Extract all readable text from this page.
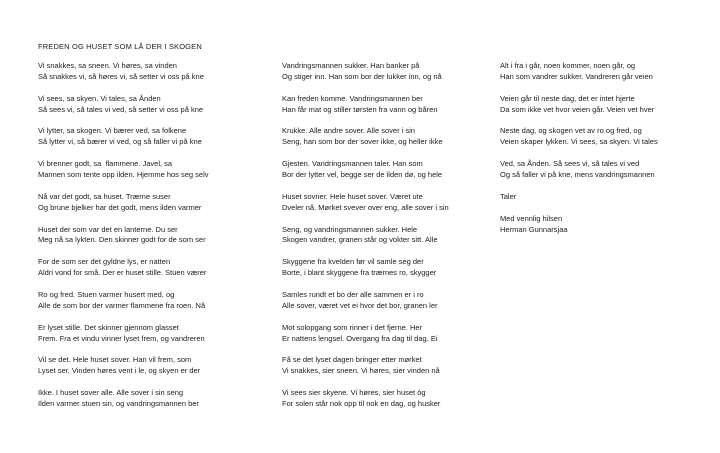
FREDEN OG HUSET SOM LÅ DER I SKOGEN
Vi snakkes, sa sneen. Vi høres, sa vinden
Så snakkes vi, så høres vi, så setter vi oss på kne
Vi sees, sa skyen. Vi tales, sa Ånden
Så sees vi, så tales vi ved, så setter vi oss på kne
Vi lytter, sa skogen. Vi bærer ved, sa folkene
Så lytter vi, så bærer vi ved, og så faller vi på kne
Vi brenner godt, sa  flammene. Javel, sa
Mannen som tente opp ilden. Hjemme hos seg selv
Nå var det godt, sa huset. Trærne suser
Og brune bjelker har det godt, mens ilden varmer
Huset der som var det en lanterne. Du ser
Meg nå sa lykten. Den skinner godt for de som ser
For de som ser det gyldne lys, er natten
Aldri vond for små. Der er huset stille. Stuen værer
Ro og fred. Stuen varmer husert med, og
Alle de som bor der varmer flammene fra roen. Nå
Er lyset stille. Det skinner gjennom glasset
Frem. Fra et vindu vinner lyset frem, og vandreren
Vil se det. Hele huset sover. Han vil frem, som
Lyset ser. Vinden høres vent i le, og skyen er der
Ikke. I huset sover alle. Alle sover i sin seng
Ilden varmer stuen sin, og vandringsmannen ber
Vandringsmannen sukker. Han banker på
Og stiger inn. Han som bor der lukker inn, og nå
Kan freden komme. Vandringsmannen ber
Han får mat og stiller tørsten fra vann og båren
Krukke. Alle andre sover. Alle sover i sin
Seng, han som bor der sover ikke, og heller ikke
Gjesten. Vandringsmannen taler. Han som
Bor der lytter vel, begge ser de ilden dø, og hele
Huset sovner. Hele huset sover. Været ute
Dveler nå. Mørket svever over eng, alle sover i sin
Seng, og vandringsmannen sukker. Hele
Skogen vandrer, granen står og vokter sitt. Alle
Skyggene fra kvelden før vil samle seg der
Borte, i blant skyggene fra trærnes ro, skygger
Samles rundt et bo der alle sammen er i ro
Alle sover, været vet ei hvor det bor, granen ler
Mot solopgang som rinner i det fjerne. Her
Er nattens lengsel. Overgang fra dag til dag. Ei
Få se det lyset dagen bringer etter mørket
Vi snakkes, sier sneen. Vi høres, sier vinden nå
Vi sees sier skyene. Vi høres, sier huset òg
For solen står nok opp til nok en dag, og husker
Alt i fra i går, noen kommer, noen går, og
Han som vandrer sukker. Vandreren går veien
Veien går til neste dag, det er intet hjerte
Da som ikke vet hvor veien går. Veien vet hver
Neste dag, og skogen vet av ro og fred, og
Veien skaper lykken. Vi sees, sa skyen. Vi tales
Ved, sa Ånden. Så sees vi, så tales vi ved
Og så faller vi på kne, mens vandringsmannen
Taler
Med vennlig hilsen
Herman Gunnarsjaa
